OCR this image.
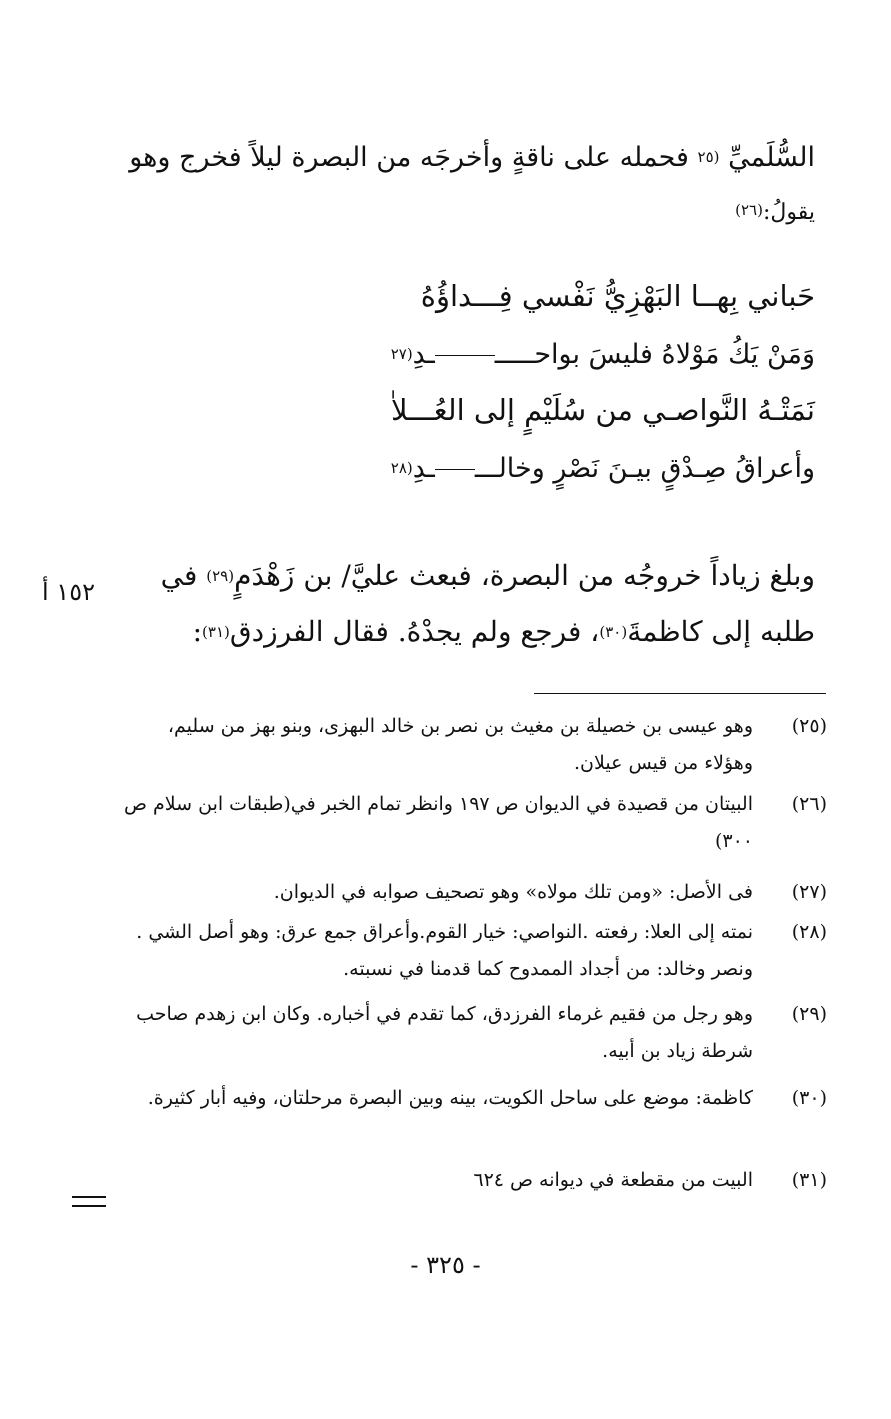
السُّلَميِّ $^{(٢٥}$ فحمله على ناقةٍ وأخرجَه من البصرة ليلاً فخرج وهو
يقولُ:$^{(٢٦)}$
حَباني بِهــا البَهْزِيُّ نَفْسي فِـــداؤُهُ
وَمَنْ يَكُ مَوْلاهُ فليسَ بواحــــــدِ$^{(٢٧}$
نَمَتْـهُ النَّواصـي من سُلَيْمٍ إلى العُـــلاٰ
وأعراقُ صِـدْقٍ بيـنَ نَصْرٍ وخالــــدِ$^{(٢٨}$
١٥٢ أ	وبلغ زياداً خروجُه من البصرة، فبعث عليَّ/ بن زَهْدَمٍ$^{(٢٩)}$ في طلبه إلى كاظمةَ$^{(٣٠)}$، فرجع ولم يجدْهُ. فقال الفرزدق$^{(٣١)}$:
(٢٥)
وهو عيسى بن خصيلة بن مغيث بن نصر بن خالد البهزى، وبنو بهز من سليم، وهؤلاء من قيس عيلان.
(٢٦)
البيتان من قصيدة في الديوان ص ١٩٧ وانظر تمام الخبر في(طبقات ابن سلام ص ٣٠٠)
(٢٧)
فى الأصل: «ومن تلك مولاه» وهو تصحيف صوابه في الديوان.
(٢٨)
نمته إلى العلا: رفعته .النواصي: خيار القوم.وأعراق جمع عرق: وهو أصل الشي . ونصر وخالد: من أجداد الممدوح كما قدمنا في نسبته.
(٢٩)
وهو رجل من فقيم غرماء الفرزدق، كما تقدم في أخباره. وكان ابن زهدم صاحب شرطة زياد بن أبيه.
(٣٠)
كاظمة: موضع على ساحل الكويت، بينه وبين البصرة مرحلتان، وفيه أبار كثيرة.
(٣١)
البيت من مقطعة في ديوانه ص ٦٢٤
- ٣٢٥ -
